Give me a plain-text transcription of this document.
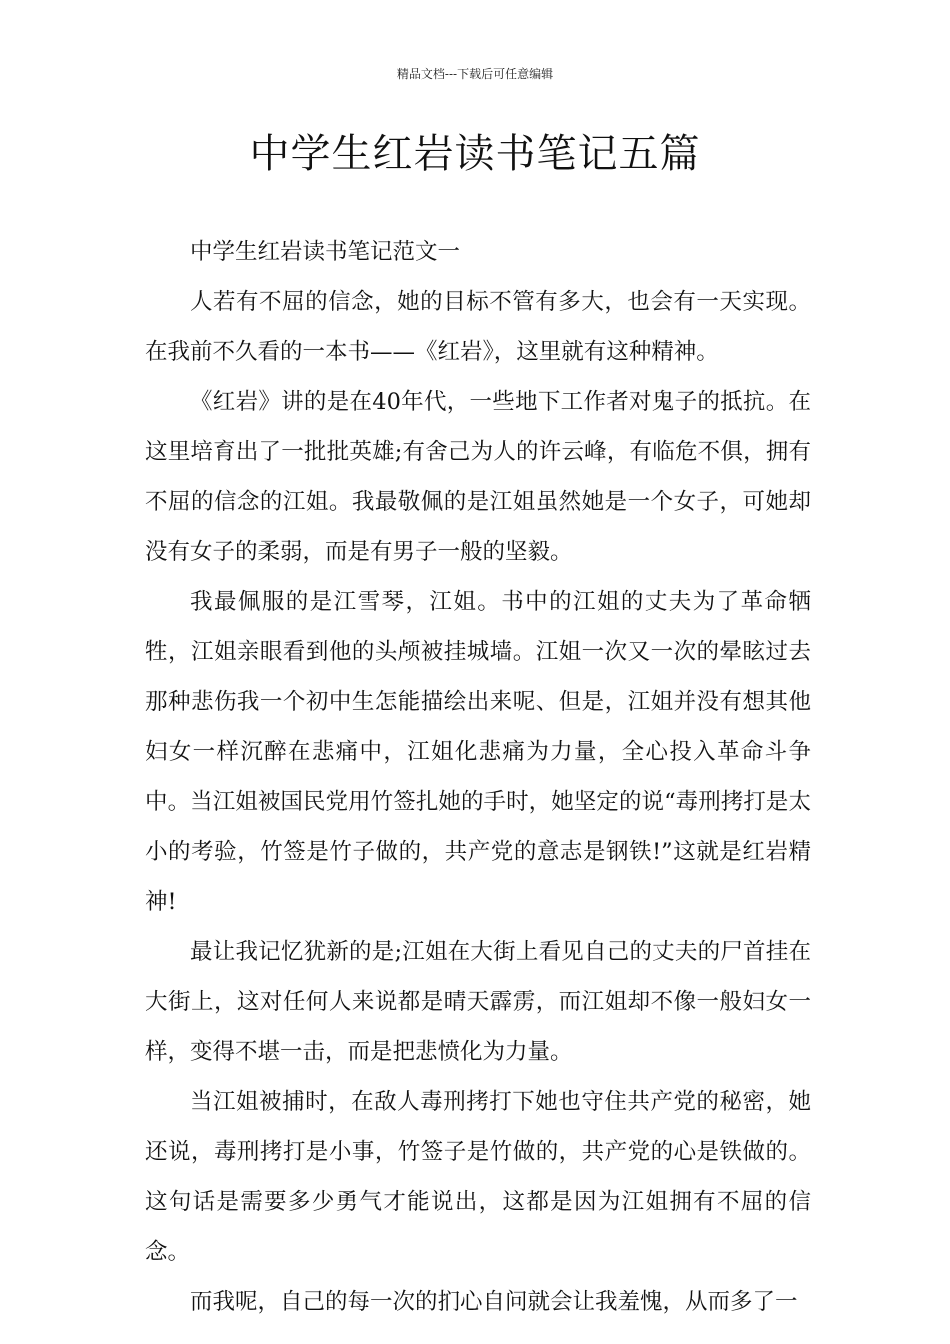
精品文档---下载后可任意编辑
中学生红岩读书笔记五篇

中学生红岩读书笔记范文一

人若有不屈的信念，她的目标不管有多大，也会有一天实现。在我前不久看的一本书——《红岩》，这里就有这种精神。

《红岩》讲的是在40年代，一些地下工作者对鬼子的抵抗。在这里培育出了一批批英雄;有舍己为人的许云峰，有临危不俱，拥有不屈的信念的江姐。我最敬佩的是江姐虽然她是一个女子，可她却没有女子的柔弱，而是有男子一般的坚毅。

我最佩服的是江雪琴，江姐。书中的江姐的丈夫为了革命牺牲，江姐亲眼看到他的头颅被挂城墙。江姐一次又一次的晕眩过去那种悲伤我一个初中生怎能描绘出来呢、但是，江姐并没有想其他妇女一样沉醉在悲痛中，江姐化悲痛为力量，全心投入革命斗争中。当江姐被国民党用竹签扎她的手时，她坚定的说“毒刑拷打是太小的考验，竹签是竹子做的，共产党的意志是钢铁!”这就是红岩精神!

最让我记忆犹新的是;江姐在大街上看见自己的丈夫的尸首挂在大街上，这对任何人来说都是晴天霹雳，而江姐却不像一般妇女一样，变得不堪一击，而是把悲愤化为力量。

当江姐被捕时，在敌人毒刑拷打下她也守住共产党的秘密，她还说，毒刑拷打是小事，竹签子是竹做的，共产党的心是铁做的。这句话是需要多少勇气才能说出，这都是因为江姐拥有不屈的信念。

而我呢，自己的每一次的扪心自问就会让我羞愧，从而多了一
